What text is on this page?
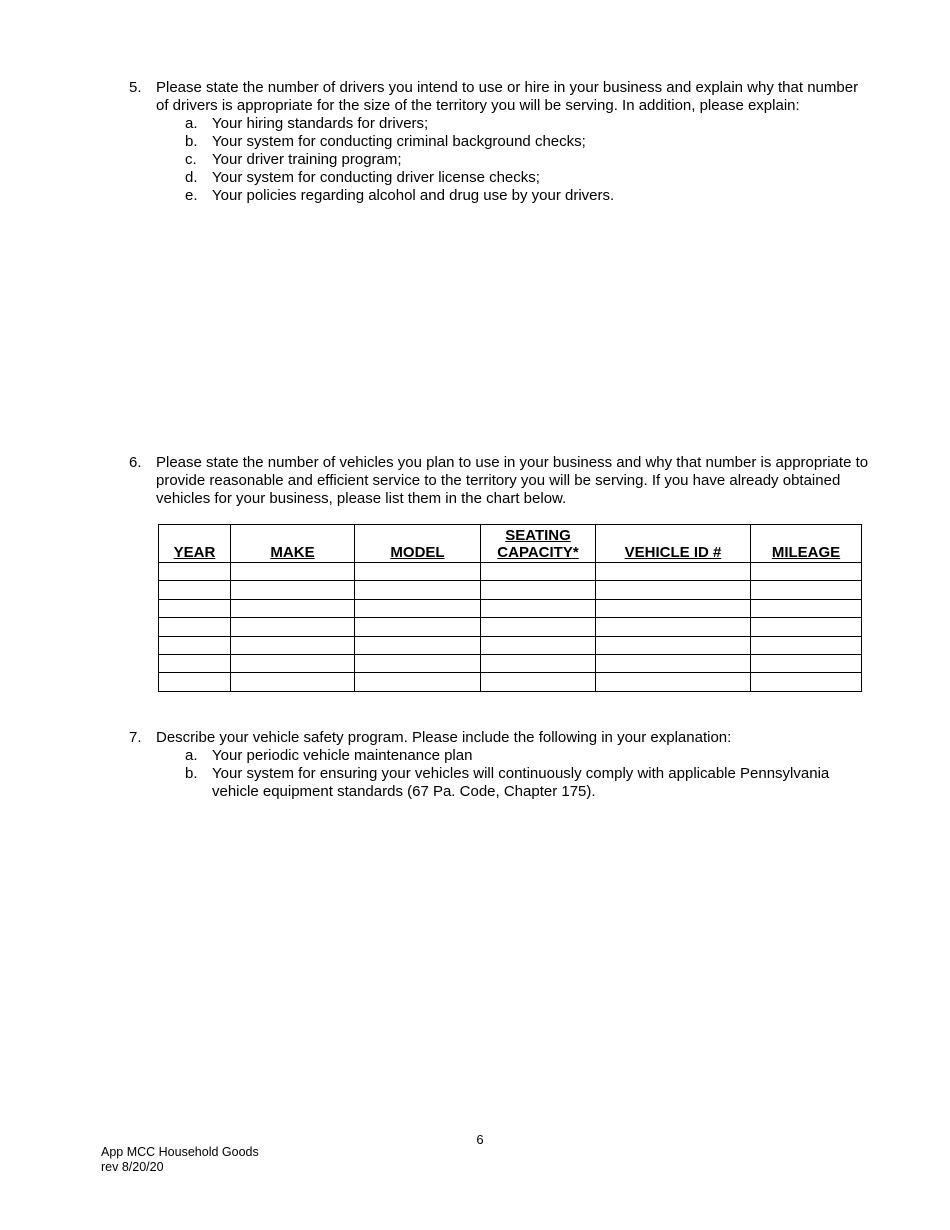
5. Please state the number of drivers you intend to use or hire in your business and explain why that number of drivers is appropriate for the size of the territory you will be serving. In addition, please explain:
a. Your hiring standards for drivers;
b. Your system for conducting criminal background checks;
c. Your driver training program;
d. Your system for conducting driver license checks;
e. Your policies regarding alcohol and drug use by your drivers.
6. Please state the number of vehicles you plan to use in your business and why that number is appropriate to provide reasonable and efficient service to the territory you will be serving. If you have already obtained vehicles for your business, please list them in the chart below.
YEAR	MAKE	MODEL	SEATING CAPACITY*	VEHICLE ID #	MILEAGE

7. Describe your vehicle safety program. Please include the following in your explanation:
a. Your periodic vehicle maintenance plan
b. Your system for ensuring your vehicles will continuously comply with applicable Pennsylvania vehicle equipment standards (67 Pa. Code, Chapter 175).
6
App MCC Household Goods
rev 8/20/20
